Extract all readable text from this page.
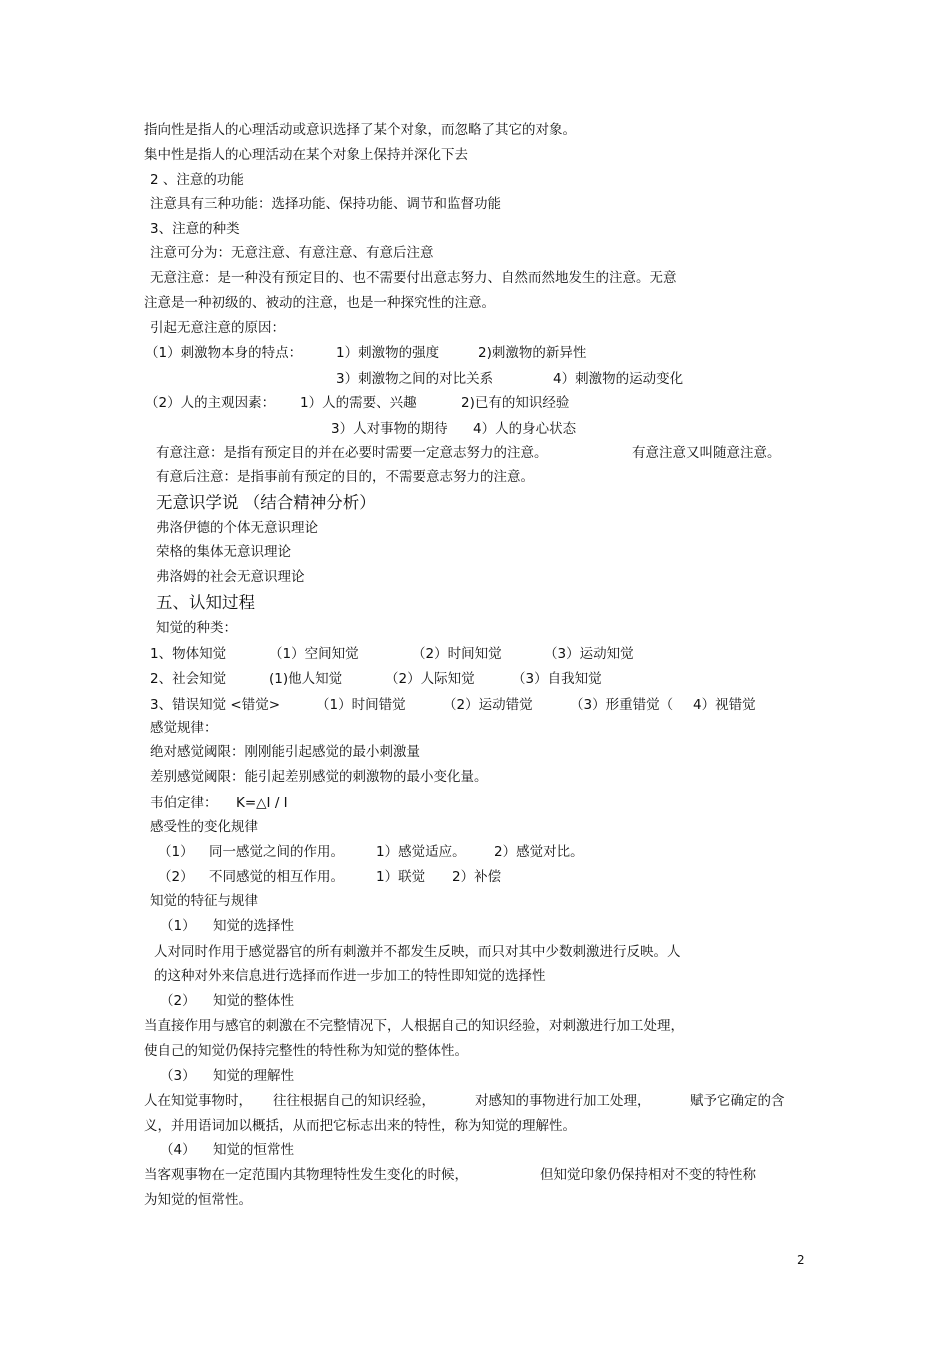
指向性是指人的心理活动或意识选择了某个对象，而忽略了其它的对象。
集中性是指人的心理活动在某个对象上保持并深化下去
2 、注意的功能
注意具有三种功能：选择功能、保持功能、调节和监督功能
3、注意的种类
注意可分为：无意注意、有意注意、有意后注意
无意注意：是一种没有预定目的、也不需要付出意志努力、自然而然地发生的注意。无意
注意是一种初级的、被动的注意，也是一种探究性的注意。
引起无意注意的原因：
（1）刺激物本身的特点：	1）刺激物的强度	2)刺激物的新异性
3）刺激物之间的对比关系	4）刺激物的运动变化
（2）人的主观因素： 1）人的需要、兴趣	2)已有的知识经验
3）人对事物的期待 4）人的身心状态
有意注意：是指有预定目的并在必要时需要一定意志努力的注意。	有意注意又叫随意注意。
有意后注意：是指事前有预定的目的，不需要意志努力的注意。
无意识学说 （结合精神分析）
弗洛伊德的个体无意识理论
荣格的集体无意识理论
弗洛姆的社会无意识理论
五、认知过程
知觉的种类：
1、物体知觉	（1）空间知觉	（2）时间知觉	（3）运动知觉
2、社会知觉	(1)他人知觉	（2）人际知觉	（3）自我知觉
3、错误知觉 <错觉>	（1）时间错觉	（2）运动错觉	（3）形重错觉（ 4）视错觉
感觉规律：
绝对感觉阈限：刚刚能引起感觉的最小刺激量
差别感觉阈限：能引起差别感觉的刺激物的最小变化量。
韦伯定律： K=△I / I
感受性的变化规律
（1） 同一感觉之间的作用。 1）感觉适应。 2）感觉对比。
（2） 不同感觉的相互作用。 1）联觉 2）补偿
知觉的特征与规律
（1） 知觉的选择性
人对同时作用于感觉器官的所有刺激并不都发生反映，而只对其中少数刺激进行反映。人
的这种对外来信息进行选择而作进一步加工的特性即知觉的选择性
（2） 知觉的整体性
当直接作用与感官的刺激在不完整情况下，人根据自己的知识经验，对刺激进行加工处理，
使自己的知觉仍保持完整性的特性称为知觉的整体性。
（3） 知觉的理解性
人在知觉事物时， 往往根据自己的知识经验，	对感知的事物进行加工处理，	赋予它确定的含
义，并用语词加以概括，从而把它标志出来的特性，称为知觉的理解性。
（4） 知觉的恒常性
当客观事物在一定范围内其物理特性发生变化的时候，	但知觉印象仍保持相对不变的特性称
为知觉的恒常性。
2
